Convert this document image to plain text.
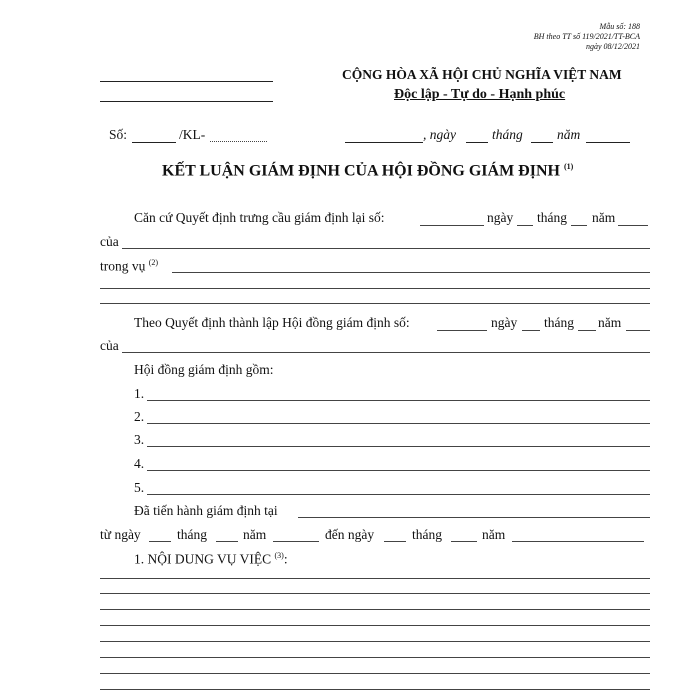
Mẫu số: 188
BH theo TT số 119/2021/TT-BCA
ngày 08/12/2021
CỘNG HÒA XÃ HỘI CHỦ NGHĨA VIỆT NAM
Độc lập - Tự do - Hạnh phúc
Số:	/KL-	, ngày	tháng	năm
KẾT LUẬN GIÁM ĐỊNH CỦA HỘI ĐỒNG GIÁM ĐỊNH $^{(1)}$
Căn cứ Quyết định trưng cầu giám định lại số:	ngày tháng năm
của
trong vụ $^{(2)}$
Theo Quyết định thành lập Hội đồng giám định số:	ngày tháng năm
của
Hội đồng giám định gồm:
1.
2.
3.
4.
5.
Đã tiến hành giám định tại
từ ngày	tháng	năm	đến ngày	tháng	năm
1. NỘI DUNG VỤ VIỆC $^{(3)}$:
